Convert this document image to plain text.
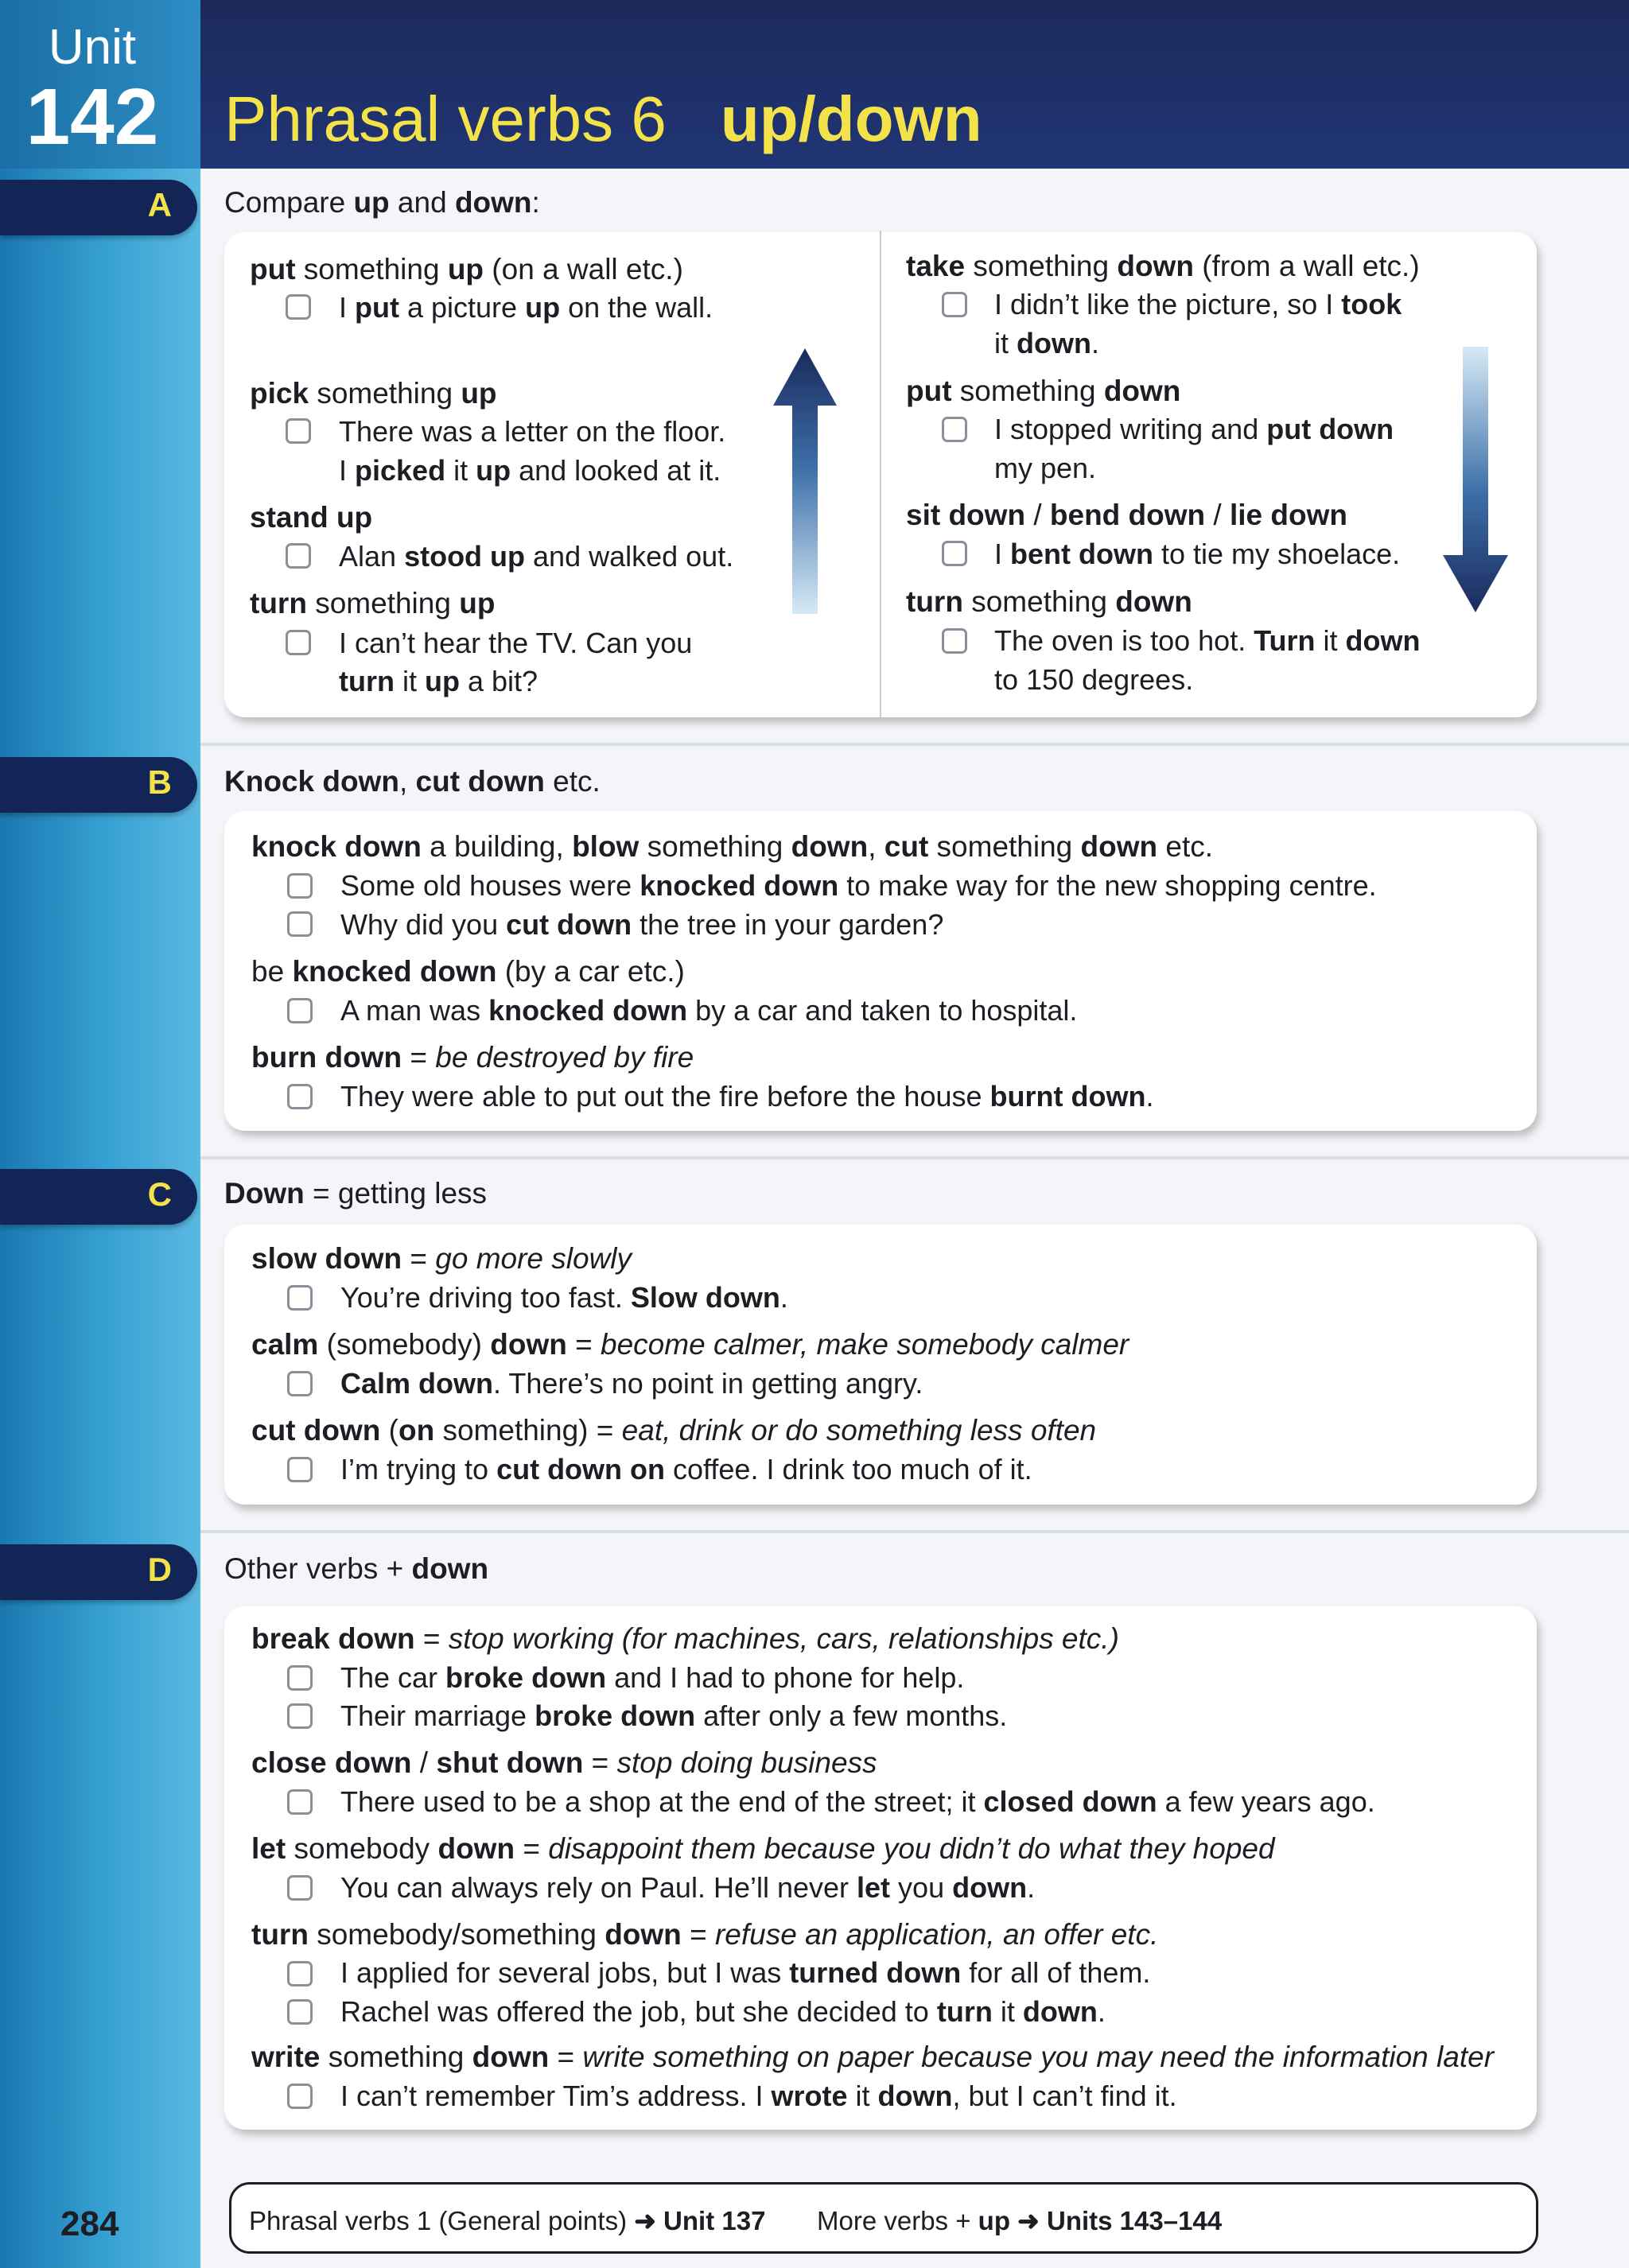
Unit
142	Phrasal verbs 6 up/down
A Compare up and down:
put something up (on a wall etc.)
I put a picture up on the wall.
pick something up
There was a letter on the floor.
I picked it up and looked at it.
stand up
Alan stood up and walked out.
turn something up
I can’t hear the TV. Can you
turn it up a bit?
take something down (from a wall etc.)
I didn’t like the picture, so I took
it down.
put something down
I stopped writing and put down
my pen.
sit down / bend down / lie down
I bent down to tie my shoelace.
turn something down
The oven is too hot. Turn it down
to 150 degrees.
B Knock down, cut down etc.
knock down a building, blow something down, cut something down etc.
Some old houses were knocked down to make way for the new shopping centre.
Why did you cut down the tree in your garden?
be knocked down (by a car etc.)
A man was knocked down by a car and taken to hospital.
burn down = be destroyed by fire
They were able to put out the fire before the house burnt down.
C Down = getting less
slow down = go more slowly
You’re driving too fast. Slow down.
calm (somebody) down = become calmer, make somebody calmer
Calm down. There’s no point in getting angry.
cut down (on something) = eat, drink or do something less often
I’m trying to cut down on coffee. I drink too much of it.
D Other verbs + down
break down = stop working (for machines, cars, relationships etc.)
The car broke down and I had to phone for help.
Their marriage broke down after only a few months.
close down / shut down = stop doing business
There used to be a shop at the end of the street; it closed down a few years ago.
let somebody down = disappoint them because you didn’t do what they hoped
You can always rely on Paul. He’ll never let you down.
turn somebody/something down = refuse an application, an offer etc.
I applied for several jobs, but I was turned down for all of them.
Rachel was offered the job, but she decided to turn it down.
write something down = write something on paper because you may need the information later
I can’t remember Tim’s address. I wrote it down, but I can’t find it.
Phrasal verbs 1 (General points) ➜ Unit 137 More verbs + up ➜ Units 143–144
284
